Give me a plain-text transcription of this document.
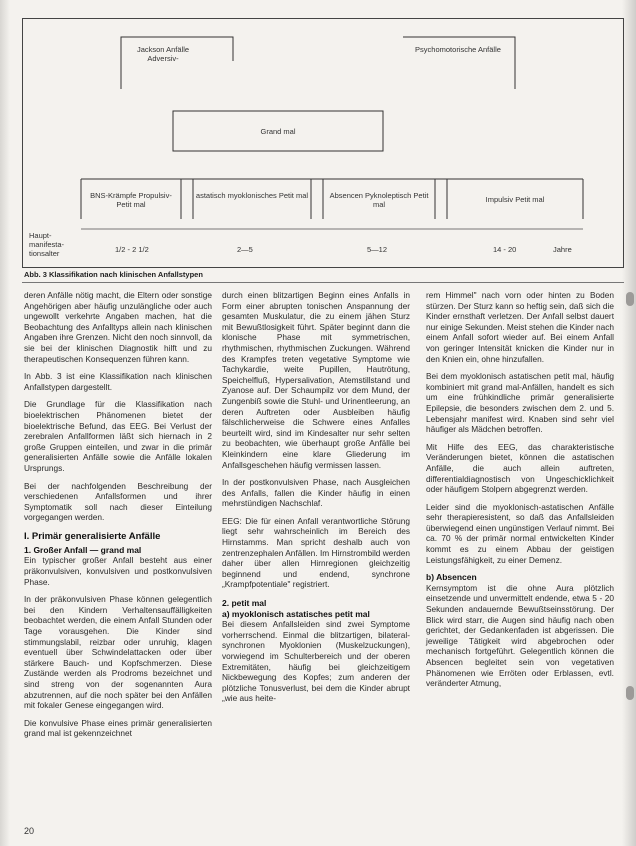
Jackson Anfälle
Adversiv-
Psychomotorische Anfälle
Grand mal
BNS-Krämpfe Propulsiv-Petit mal
astatisch myoklonisches Petit mal	Absencen Pyknoleptisch Petit mal
Impulsiv Petit mal
Haupt-manifesta-tionsalter	1/2 - 2 1/2	2—5	5—12	14 - 20	Jahre
Abb. 3 Klassifikation nach klinischen Anfallstypen

deren Anfälle nötig macht, die Eltern oder sonstige Angehörigen aber häufig unzulängliche oder auch ungewollt verkehrte Angaben machen, hat die Beobachtung des Anfalltyps allein nach klinischen Angaben ihre Grenzen. Nicht den noch sinnvoll, da sie bei der klinischen Diagnostik hilft und zu therapeutischen Konsequenzen führen kann.

In Abb. 3 ist eine Klassifikation nach klinischen Anfallstypen dargestellt.

Die Grundlage für die Klassifikation nach bioelektrischen Phänomenen bietet der bioelektrische Befund, das EEG. Bei Verlust der zerebralen Anfallformen läßt sich hiernach in 2 große Gruppen einteilen, und zwar in die primär generalisierten Anfälle sowie die Anfälle lokalen Ursprungs.

Bei der nachfolgenden Beschreibung der verschiedenen Anfallsformen und ihrer Symptomatik soll nach dieser Einteilung vorgegangen werden.

I. Primär generalisierte Anfälle

1. Großer Anfall — grand mal

Ein typischer großer Anfall besteht aus einer präkonvulsiven, konvulsiven und postkonvulsiven Phase.

In der präkonvulsiven Phase können gelegentlich bei den Kindern Verhaltensauffälligkeiten beobachtet werden, die einem Anfall Stunden oder Tage vorausgehen. Die Kinder sind stimmungslabil, reizbar oder unruhig, klagen eventuell über Schwindelattacken oder über stärkere Bauch- und Kopfschmerzen. Diese Zustände werden als Prodroms bezeichnet und sind streng von der sogenannten Aura abzutrennen, auf die noch später bei den Anfällen mit fokaler Genese eingegangen wird.

Die konvulsive Phase eines primär generalisierten grand mal ist gekennzeichnet

durch einen blitzartigen Beginn eines Anfalls in Form einer abrupten tonischen Anspannung der gesamten Muskulatur, die zu einem jähen Sturz mit Bewußtlosigkeit führt. Später beginnt dann die klonische Phase mit symmetrischen, rhythmischen, rhythmischen Zuckungen. Während des Krampfes treten vegetative Symptome wie Tachykardie, weite Pupillen, Hautrötung, Speichelfluß, Hypersalivation, Atemstillstand und Zyanose auf. Der Schaumpilz vor dem Mund, der Zungenbiß sowie die Stuhl- und Urinentleerung, an deren Auftreten oder Ausbleiben häufig fälschlicherweise die Schwere eines Anfalles beurteilt wird, sind im Kindesalter nur sehr selten zu beobachten, wie überhaupt große Anfälle bei Kleinkindern eine klare Gliederung im Anfallsgeschehen häufig vermissen lassen.

In der postkonvulsiven Phase, nach Ausgleichen des Anfalls, fallen die Kinder häufig in einen mehrstündigen Nachschlaf.

EEG: Die für einen Anfall verantwortliche Störung liegt sehr wahrscheinlich im Bereich des Hirnstamms. Man spricht deshalb auch von zentrenzephalen Anfällen. Im Hirnstrombild werden daher über allen Hirnregionen gleichzeitig beginnend und endend, synchrone „Krampfpotentiale" registriert.

2. petit mal

a) myoklonisch astatisches petit mal

Bei diesem Anfallsleiden sind zwei Symptome vorherrschend. Einmal die blitzartigen, bilateral-synchronen Myoklonien (Muskelzuckungen), vorwiegend im Schulterbereich und der oberen Extremitäten, häufig bei gleichzeitigem Nickbewegung des Kopfes; zum anderen der plötzliche Tonusverlust, bei dem die Kinder abrupt „wie aus heite-

rem Himmel" nach vorn oder hinten zu Boden stürzen. Der Sturz kann so heftig sein, daß sich die Kinder ernsthaft verletzen. Der Anfall selbst dauert nur einige Sekunden. Meist stehen die Kinder nach einem Anfall sofort wieder auf. Bei einem Anfall von geringer Intensität knicken die Kinder nur in den Knien ein, ohne hinzufallen.

Bei dem myoklonisch astatischen petit mal, häufig kombiniert mit grand mal-Anfällen, handelt es sich um eine frühkindliche primär generalisierte Epilepsie, die besonders zwischen dem 2. und 5. Lebensjahr manifest wird. Knaben sind sehr viel häufiger als Mädchen betroffen.

Mit Hilfe des EEG, das charakteristische Veränderungen bietet, können die astatischen Anfälle, die auch allein auftreten, differentialdiagnostisch von Ungeschicklichkeit oder häufigem Stolpern abgegrenzt werden.

Leider sind die myoklonisch-astatischen Anfälle sehr therapieresistent, so daß das Anfallsleiden überwiegend einen ungünstigen Verlauf nimmt. Bei ca. 70 % der primär normal entwickelten Kinder kommt es zu einem Abbau der geistigen Leistungsfähigkeit, zu einer Demenz.

b) Absencen

Kernsymptom ist die ohne Aura plötzlich einsetzende und unvermittelt endende, etwa 5 - 20 Sekunden andauernde Bewußtseinsstörung. Der Blick wird starr, die Augen sind häufig nach oben gerichtet, der Gedankenfaden ist abgerissen. Die jeweilige Tätigkeit wird abgebrochen oder mechanisch fortgeführt. Gelegentlich können die Absencen begleitet sein von vegetativen Phänomenen wie Erröten oder Erblassen, evtl. veränderter Atmung,

20
